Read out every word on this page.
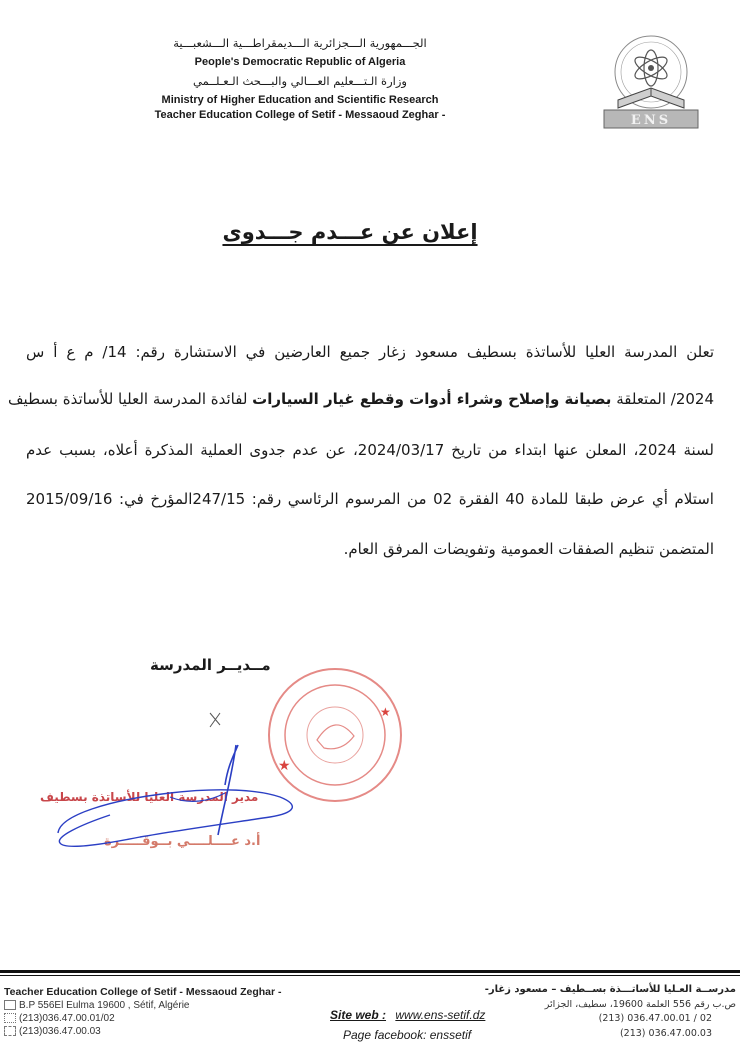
الجـــمهورية الـــجزائرية الـــديمقراطـــية الـــشعبـــية
People's Democratic Republic of Algeria
وزارة الـتـــعليم العـــالي والبـــحث الـعـلــمي
Ministry of Higher Education and Scientific Research
Teacher Education College of Setif - Messaoud Zeghar -	ENS
إعلان عن عـــدم جـــدوى
تعلن المدرسة العليا للأساتذة بسطيف مسعود زغار جميع العارضين في الاستشارة رقم: 14/ م ع أ س
2024/ المتعلقة بصيانة وإصلاح وشراء أدوات وقطع غيار السيارات لفائدة المدرسة العليا للأساتذة بسطيف
لسنة 2024، المعلن عنها ابتداء من تاريخ 2024/03/17، عن عدم جدوى العملية المذكرة أعلاه، بسبب عدم
استلام أي عرض طبقا للمادة 40 الفقرة 02 من المرسوم الرئاسي رقم: 247/15المؤرخ في: 2015/09/16
المتضمن تنظيم الصفقات العمومية وتفويضات المرفق العام.
مــديــر المدرسة
★
★
مدير المدرسة العليا للأساتذة بسطيف
أ.د عــــلــــي بــوقـــــرة
Teacher Education College of Setif - Messaoud Zeghar -
B.P 556El Eulma 19600 , Sétif, Algérie
(213)036.47.00.01/02
(213)036.47.00.03
Site web : www.ens-setif.dz
Page facebook: enssetif
مدرســة العـليا للأساتـــذة بســطيف – مسعود زغار-
ص.ب رقم 556 العلمة 19600، سطيف، الجزائر
(213) 036.47.00.01 / 02
(213) 036.47.00.03
